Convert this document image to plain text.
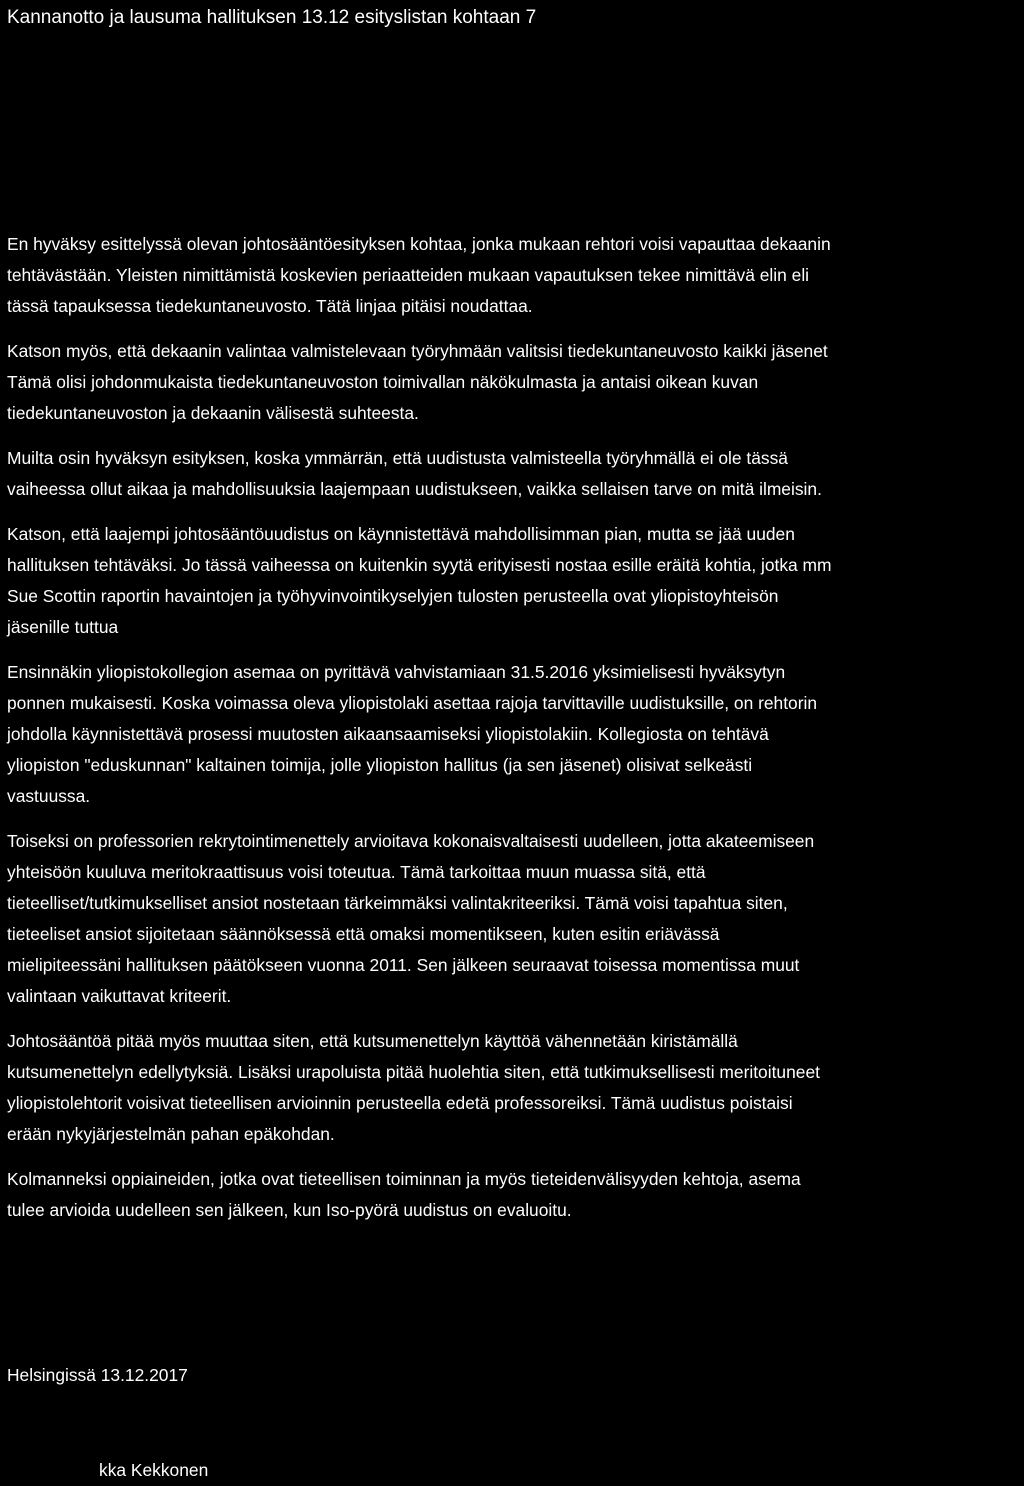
Kannanotto ja lausuma hallituksen 13.12 esityslistan kohtaan 7

En hyväksy esittelyssä olevan johtosääntöesityksen kohtaa, jonka mukaan rehtori voisi vapauttaa dekaanin
tehtävästään. Yleisten nimittämistä koskevien periaatteiden mukaan vapautuksen tekee nimittävä elin eli
tässä tapauksessa tiedekuntaneuvosto. Tätä linjaa pitäisi noudattaa.

Katson myös, että dekaanin valintaa valmistelevaan työryhmään valitsisi tiedekuntaneuvosto kaikki jäsenet
Tämä olisi johdonmukaista tiedekuntaneuvoston toimivallan näkökulmasta ja antaisi oikean kuvan
tiedekuntaneuvoston ja dekaanin välisestä suhteesta.

Muilta osin hyväksyn esityksen, koska ymmärrän, että uudistusta valmisteella työryhmällä ei ole tässä
vaiheessa ollut aikaa ja mahdollisuuksia laajempaan uudistukseen, vaikka sellaisen tarve on mitä ilmeisin.

Katson, että laajempi johtosääntöuudistus on käynnistettävä mahdollisimman pian, mutta se jää uuden
hallituksen tehtäväksi. Jo tässä vaiheessa on kuitenkin syytä erityisesti nostaa esille eräitä kohtia, jotka mm
Sue Scottin raportin havaintojen ja työhyvinvointikyselyjen tulosten perusteella ovat yliopistoyhteisön
jäsenille tuttua

Ensinnäkin yliopistokollegion asemaa on pyrittävä vahvistamiaan 31.5.2016 yksimielisesti hyväksytyn
ponnen mukaisesti. Koska voimassa oleva yliopistolaki asettaa rajoja tarvittaville uudistuksille, on rehtorin
johdolla käynnistettävä prosessi muutosten aikaansaamiseksi yliopistolakiin. Kollegiosta on tehtävä
yliopiston "eduskunnan" kaltainen toimija, jolle yliopiston hallitus (ja sen jäsenet) olisivat selkeästi
vastuussa.

Toiseksi on professorien rekrytointimenettely arvioitava kokonaisvaltaisesti uudelleen, jotta akateemiseen
yhteisöön kuuluva meritokraattisuus voisi toteutua. Tämä tarkoittaa muun muassa sitä, että
tieteelliset/tutkimukselliset ansiot nostetaan tärkeimmäksi valintakriteeriksi. Tämä voisi tapahtua siten,
tieteeliset ansiot sijoitetaan säännöksessä että omaksi momentikseen, kuten esitin eriävässä
mielipiteessäni hallituksen päätökseen vuonna 2011. Sen jälkeen seuraavat toisessa momentissa muut
valintaan vaikuttavat kriteerit.

Johtosääntöä pitää myös muuttaa siten, että kutsumenettelyn käyttöä vähennetään kiristämällä
kutsumenettelyn edellytyksiä. Lisäksi urapoluista pitää huolehtia siten, että tutkimuksellisesti meritoituneet
yliopistolehtorit voisivat tieteellisen arvioinnin perusteella edetä professoreiksi. Tämä uudistus poistaisi
erään nykyjärjestelmän pahan epäkohdan.

Kolmanneksi oppiaineiden, jotka ovat tieteellisen toiminnan ja myös tieteidenvälisyyden kehtoja, asema
tulee arvioida uudelleen sen jälkeen, kun Iso-pyörä uudistus on evaluoitu.

Helsingissä 13.12.2017
kka Kekkonen
